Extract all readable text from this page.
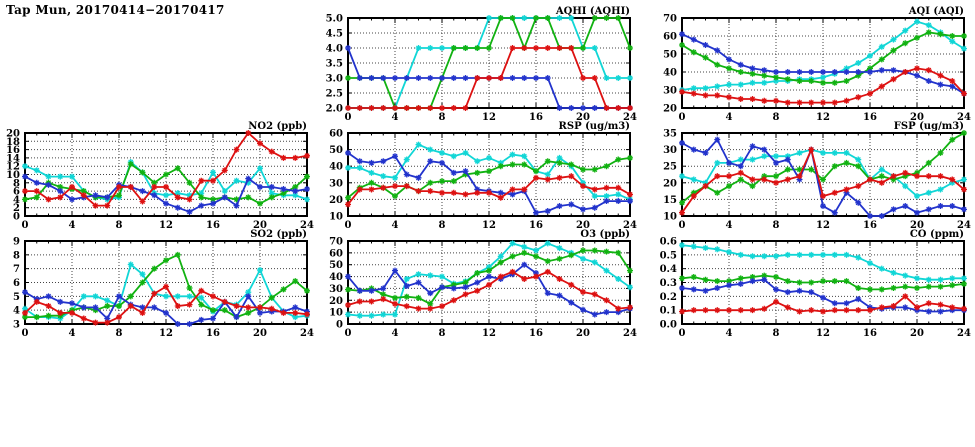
Tap Mun, 20170414−20170417
2.0
2.5
3.0
3.5
4.0
4.5
5.0
0	4	8	12	16	20	24
AQHI (AQHI)
20
30
40
50
60
70
0	4	8	12	16	20	24
AQI (AQI)
0
2
4
6
8
10
12
14
16
18
20
0	4	8	12	16	20	24
NO2 (ppb)
10
20
30
40
50
60
0	4	8	12	16	20	24
RSP (ug/m3)
10
15
20
25
30
35
0	4	8	12	16	20	24
FSP (ug/m3)
3
4
5
6
7
8
9
0	4	8	12	16	20	24
SO2 (ppb)
0
10
20
30
40
50
60
70
0	4	8	12	16	20	24
O3 (ppb)
0.0
0.1
0.2
0.3
0.4
0.5
0.6
0	4	8	12	16	20	24
CO (ppm)
